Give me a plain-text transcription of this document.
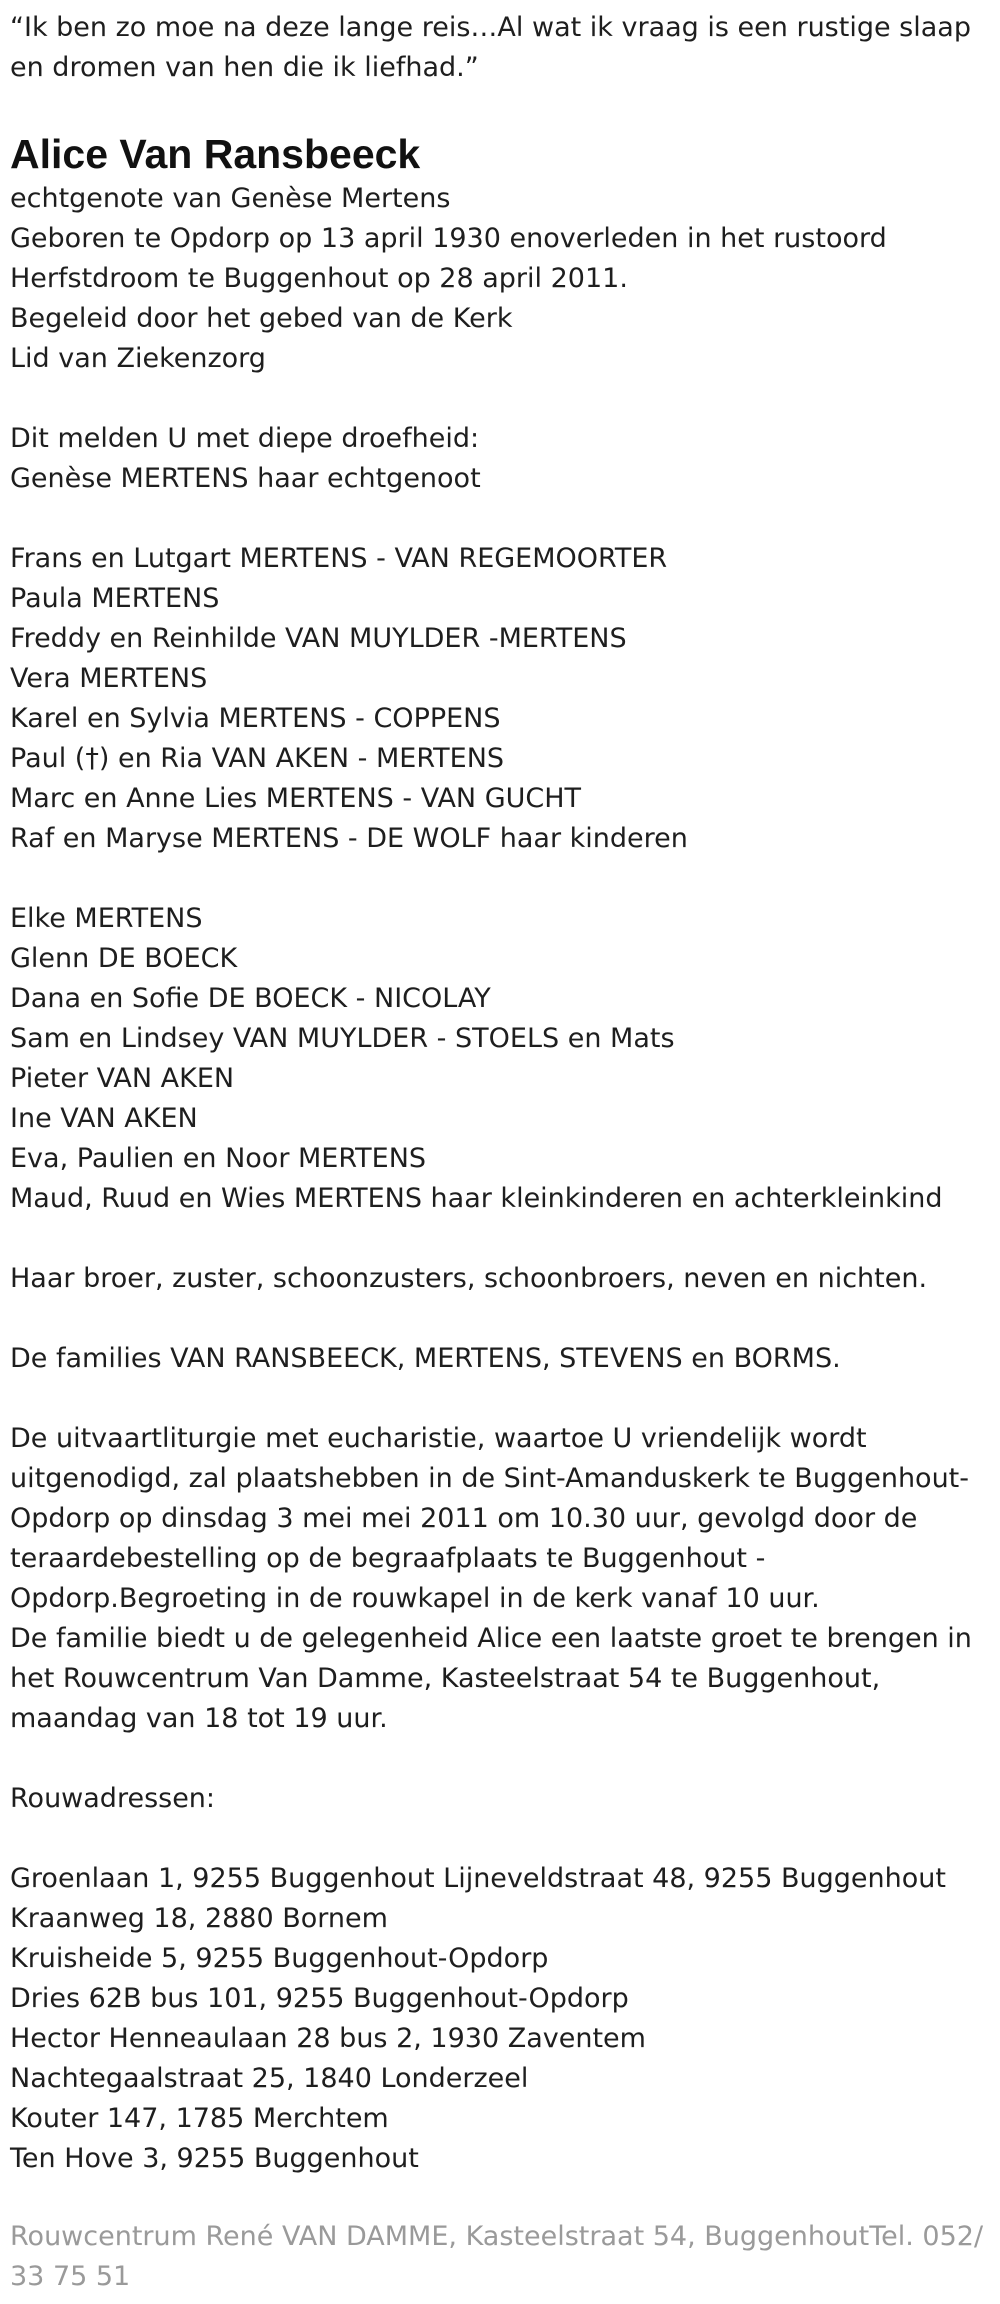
“Ik ben zo moe na deze lange reis…Al wat ik vraag is een rustige slaap
en dromen van hen die ik liefhad.”
Alice Van Ransbeeck
echtgenote van Genèse Mertens
Geboren te Opdorp op 13 april 1930 enoverleden in het rustoord
Herfstdroom te Buggenhout op 28 april 2011.
Begeleid door het gebed van de Kerk
Lid van Ziekenzorg
Dit melden U met diepe droefheid:
Genèse MERTENS haar echtgenoot
Frans en Lutgart MERTENS - VAN REGEMOORTER
Paula MERTENS
Freddy en Reinhilde VAN MUYLDER -MERTENS
Vera MERTENS
Karel en Sylvia MERTENS - COPPENS
Paul (†) en Ria VAN AKEN - MERTENS
Marc en Anne Lies MERTENS - VAN GUCHT
Raf en Maryse MERTENS - DE WOLF haar kinderen
Elke MERTENS
Glenn DE BOECK
Dana en Sofie DE BOECK - NICOLAY
Sam en Lindsey VAN MUYLDER - STOELS en Mats
Pieter VAN AKEN
Ine VAN AKEN
Eva, Paulien en Noor MERTENS
Maud, Ruud en Wies MERTENS haar kleinkinderen en achterkleinkind
Haar broer, zuster, schoonzusters, schoonbroers, neven en nichten.
De families VAN RANSBEECK, MERTENS, STEVENS en BORMS.
De uitvaartliturgie met eucharistie, waartoe U vriendelijk wordt
uitgenodigd, zal plaatshebben in de Sint-Amanduskerk te Buggenhout-
Opdorp op dinsdag 3 mei mei 2011 om 10.30 uur, gevolgd door de
teraardebestelling op de begraafplaats te Buggenhout -
Opdorp.Begroeting in de rouwkapel in de kerk vanaf 10 uur.
De familie biedt u de gelegenheid Alice een laatste groet te brengen in
het Rouwcentrum Van Damme, Kasteelstraat 54 te Buggenhout,
maandag van 18 tot 19 uur.
Rouwadressen:
Groenlaan 1, 9255 Buggenhout Lijneveldstraat 48, 9255 Buggenhout
Kraanweg 18, 2880 Bornem
Kruisheide 5, 9255 Buggenhout-Opdorp
Dries 62B bus 101, 9255 Buggenhout-Opdorp
Hector Henneaulaan 28 bus 2, 1930 Zaventem
Nachtegaalstraat 25, 1840 Londerzeel
Kouter 147, 1785 Merchtem
Ten Hove 3, 9255 Buggenhout
Rouwcentrum René VAN DAMME, Kasteelstraat 54, BuggenhoutTel. 052/
33 75 51
